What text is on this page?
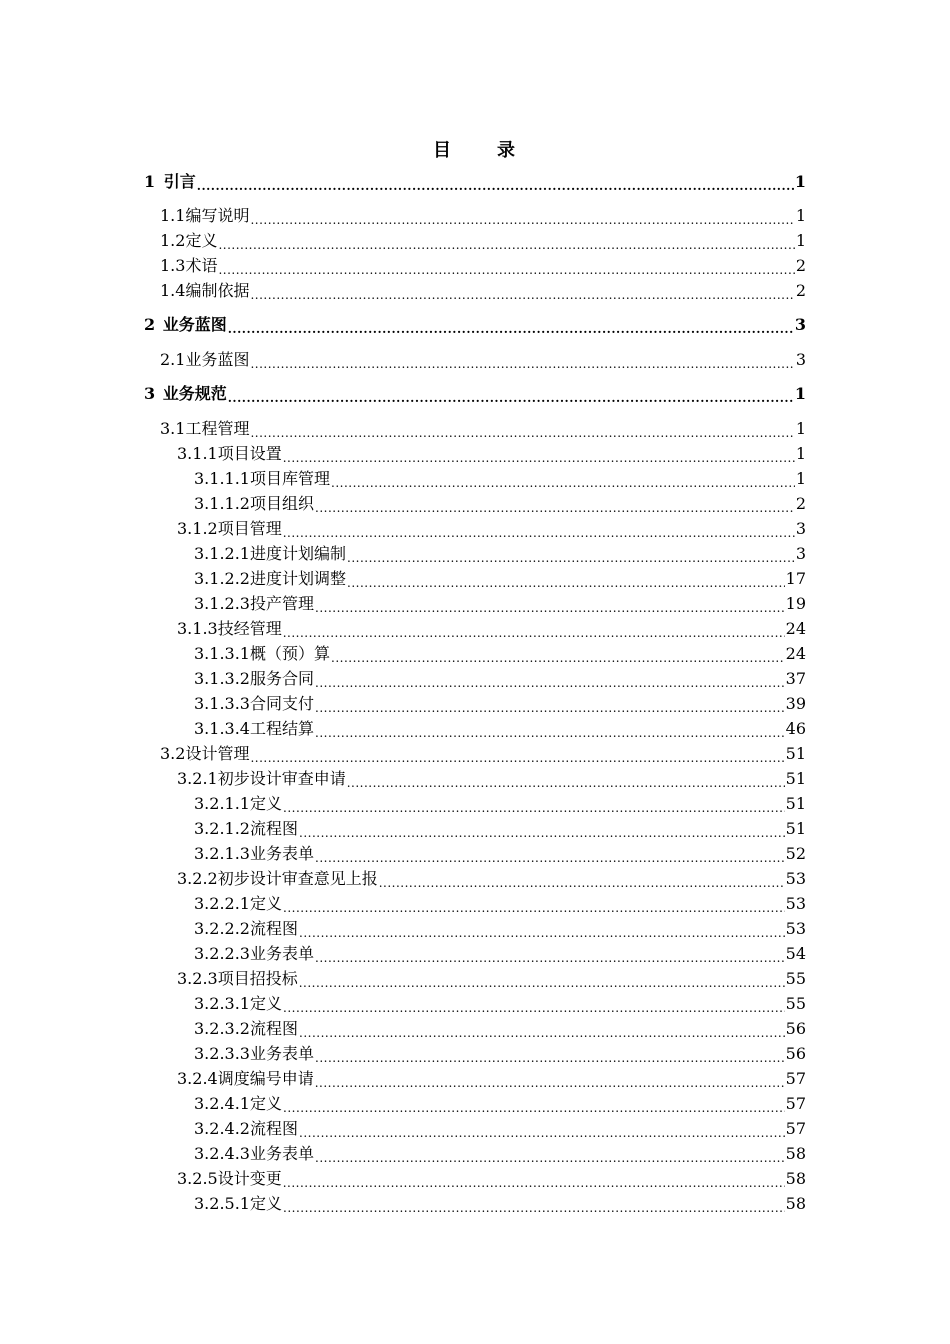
目 录
1 引言 .....	1
1.1 编写说明 .....	1
1.2 定义 .....	1
1.3 术语 .....	2
1.4 编制依据 .....	2
2 业务蓝图 .....	3
2.1 业务蓝图 .....	3
3 业务规范 .....	1
3.1 工程管理 .....	1
3.1.1 项目设置 .....	1
3.1.1.1 项目库管理 .....	1
3.1.1.2 项目组织 .....	2
3.1.2 项目管理 .....	3
3.1.2.1 进度计划编制 .....	3
3.1.2.2 进度计划调整 .....	17
3.1.2.3 投产管理 .....	19
3.1.3 技经管理 .....	24
3.1.3.1 概（预）算 .....	24
3.1.3.2 服务合同 .....	37
3.1.3.3 合同支付 .....	39
3.1.3.4 工程结算 .....	46
3.2 设计管理 .....	51
3.2.1 初步设计审查申请 .....	51
3.2.1.1 定义 .....	51
3.2.1.2 流程图 .....	51
3.2.1.3 业务表单 .....	52
3.2.2 初步设计审查意见上报 .....	53
3.2.2.1 定义 .....	53
3.2.2.2 流程图 .....	53
3.2.2.3 业务表单 .....	54
3.2.3 项目招投标 .....	55
3.2.3.1 定义 .....	55
3.2.3.2 流程图 .....	56
3.2.3.3 业务表单 .....	56
3.2.4 调度编号申请 .....	57
3.2.4.1 定义 .....	57
3.2.4.2 流程图 .....	57
3.2.4.3 业务表单 .....	58
3.2.5 设计变更 .....	58
3.2.5.1 定义 .....	58
